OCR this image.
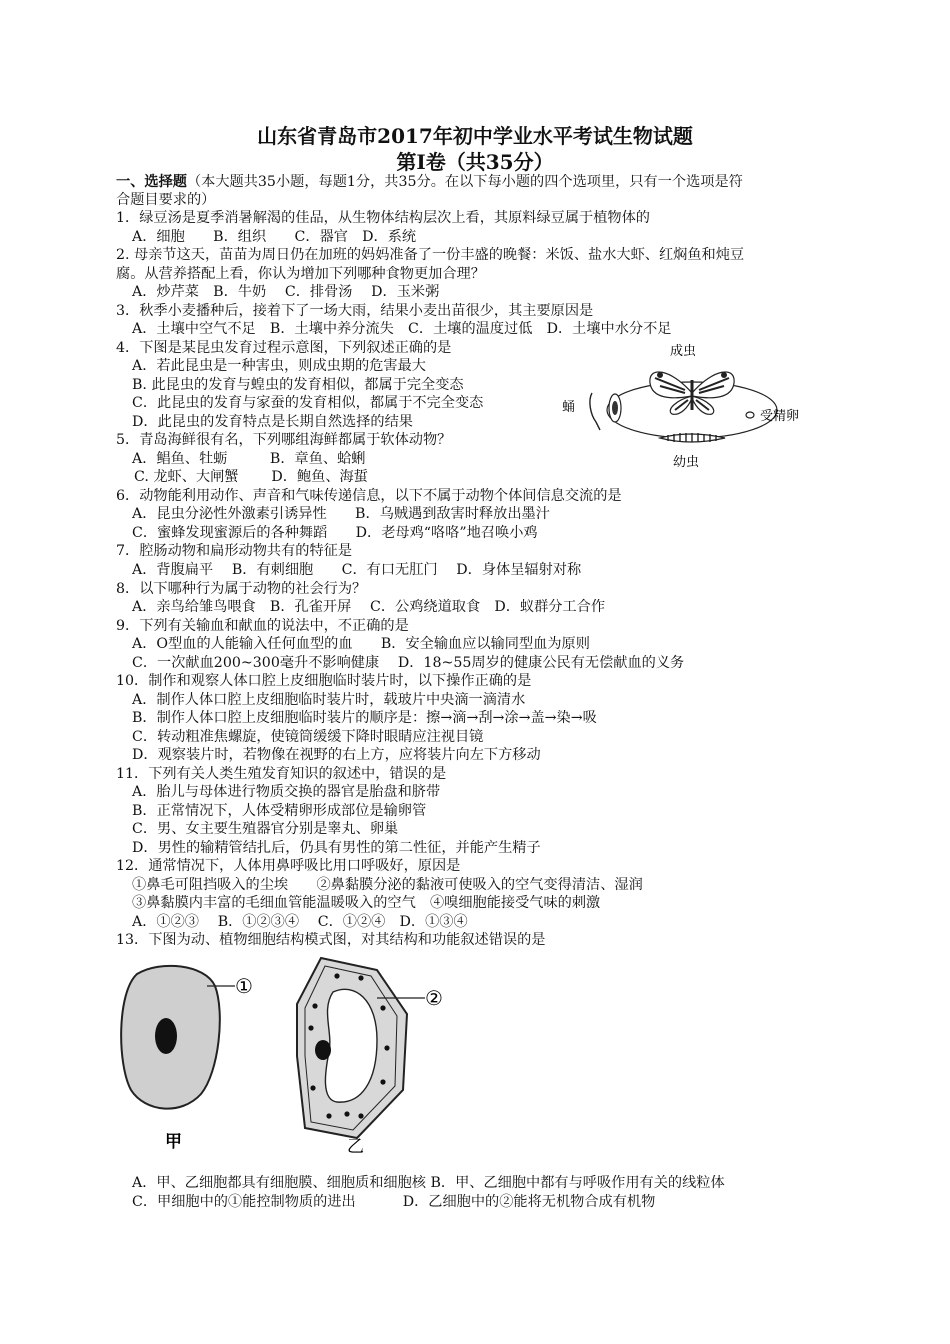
山东省青岛市2017年初中学业水平考试生物试题
第Ⅰ卷（共35分）
一、选择题（本大题共35小题，每题1分，共35分。在以下每小题的四个选项里，只有一个选项是符
合题目要求的）
1．绿豆汤是夏季消暑解渴的佳品，从生物体结构层次上看，其原料绿豆属于植物体的
A．细胞　　B．组织　　C．器官　D．系统
2. 母亲节这天，苗苗为周日仍在加班的妈妈准备了一份丰盛的晚餐：米饭、盐水大虾、红焖鱼和炖豆
腐。从营养搭配上看，你认为增加下列哪种食物更加合理？
A．炒芹菜　B．牛奶　 C．排骨汤　 D．玉米粥
3．秋季小麦播种后，接着下了一场大雨，结果小麦出苗很少，其主要原因是
A．土壤中空气不足　B．土壤中养分流失　C．土壤的温度过低　D．土壤中水分不足
4．下图是某昆虫发育过程示意图，下列叙述正确的是
A．若此昆虫是一种害虫，则成虫期的危害最大
B. 此昆虫的发育与蝗虫的发育相似，都属于完全变态
C．此昆虫的发育与家蚕的发育相似，都属于不完全变态
D．此昆虫的发育特点是长期自然选择的结果
成虫
蛹
受精卵
幼虫
5．青岛海鲜很有名，下列哪组海鲜都属于软体动物？
A．鲳鱼、牡蛎　　　B．章鱼、蛤蜊
C. 龙虾、大闸蟹　　 D．鲍鱼、海蜇
6．动物能利用动作、声音和气味传递信息，以下不属于动物个体间信息交流的是
A．昆虫分泌性外激素引诱异性　　B．乌贼遇到敌害时释放出墨汁
C．蜜蜂发现蜜源后的各种舞蹈　　D．老母鸡“咯咯”地召唤小鸡
7．腔肠动物和扁形动物共有的特征是
A．背腹扁平　 B．有刺细胞　　C．有口无肛门　 D．身体呈辐射对称
8．以下哪种行为属于动物的社会行为？
A．亲鸟给雏鸟喂食　B．孔雀开屏　 C．公鸡绕道取食　D．蚁群分工合作
9．下列有关输血和献血的说法中，不正确的是
A．O型血的人能输入任何血型的血　　B．安全输血应以输同型血为原则
C．一次献血200~300毫升不影响健康　 D．18~55周岁的健康公民有无偿献血的义务
10．制作和观察人体口腔上皮细胞临时装片时，以下操作正确的是
A．制作人体口腔上皮细胞临时装片时，载玻片中央滴一滴清水
B．制作人体口腔上皮细胞临时装片的顺序是：擦→滴→刮→涂→盖→染→吸
C．转动粗准焦螺旋，使镜筒缓缓下降时眼睛应注视目镜
D．观察装片时，若物像在视野的右上方，应将装片向左下方移动
11．下列有关人类生殖发育知识的叙述中，错误的是
A．胎儿与母体进行物质交换的器官是胎盘和脐带
B．正常情况下，人体受精卵形成部位是输卵管
C．男、女主要生殖器官分别是睾丸、卵巢
D．男性的输精管结扎后，仍具有男性的第二性征，并能产生精子
12．通常情况下，人体用鼻呼吸比用口呼吸好，原因是
①鼻毛可阻挡吸入的尘埃　　②鼻黏膜分泌的黏液可使吸入的空气变得清洁、湿润
③鼻黏膜内丰富的毛细血管能温暖吸入的空气　④嗅细胞能接受气味的刺激
A．①②③　 B．①②③④　 C．①②④　D．①③④
13．下图为动、植物细胞结构模式图，对其结构和功能叙述错误的是
①
甲
②
乙
A．甲、乙细胞都具有细胞膜、细胞质和细胞核 B．甲、乙细胞中都有与呼吸作用有关的线粒体
C．甲细胞中的①能控制物质的进出　　　 D．乙细胞中的②能将无机物合成有机物
